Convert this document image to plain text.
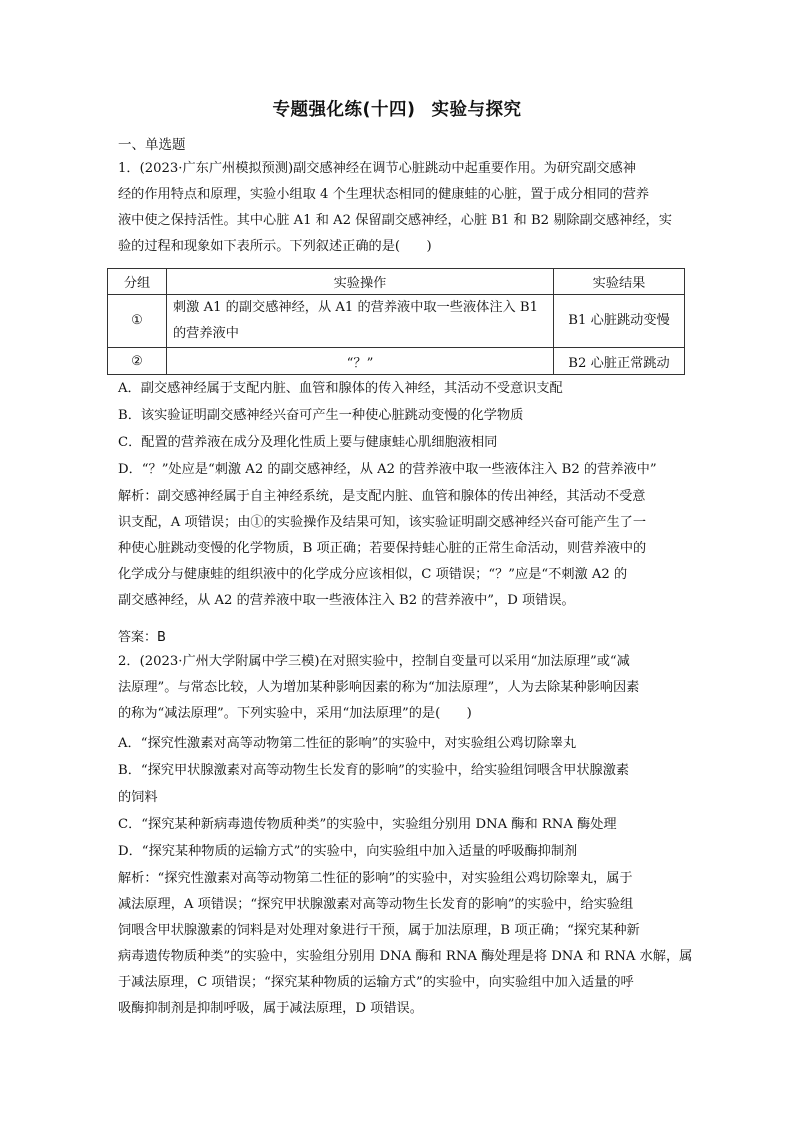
专题强化练(十四) 实验与探究
一、单选题
1．(2023·广东广州模拟预测)副交感神经在调节心脏跳动中起重要作用。为研究副交感神
经的作用特点和原理，实验小组取 4 个生理状态相同的健康蛙的心脏，置于成分相同的营养
液中使之保持活性。其中心脏 A1 和 A2 保留副交感神经，心脏 B1 和 B2 剔除副交感神经，实
验的过程和现象如下表所示。下列叙述正确的是(　　)
分组	实验操作	实验结果
①	刺激 A1 的副交感神经，从 A1 的营养液中取一些液体注入 B1
的营养液中	B1 心脏跳动变慢
②	“？”	B2 心脏正常跳动
A．副交感神经属于支配内脏、血管和腺体的传入神经，其活动不受意识支配
B．该实验证明副交感神经兴奋可产生一种使心脏跳动变慢的化学物质
C．配置的营养液在成分及理化性质上要与健康蛙心肌细胞液相同
D．“？”处应是“刺激 A2 的副交感神经，从 A2 的营养液中取一些液体注入 B2 的营养液中”
解析：副交感神经属于自主神经系统，是支配内脏、血管和腺体的传出神经，其活动不受意
识支配，A 项错误；由①的实验操作及结果可知，该实验证明副交感神经兴奋可能产生了一
种使心脏跳动变慢的化学物质，B 项正确；若要保持蛙心脏的正常生命活动，则营养液中的
化学成分与健康蛙的组织液中的化学成分应该相似，C 项错误；“？”应是“不刺激 A2 的
副交感神经，从 A2 的营养液中取一些液体注入 B2 的营养液中”，D 项错误。
答案：B
2．(2023·广州大学附属中学三模)在对照实验中，控制自变量可以采用“加法原理”或“减
法原理”。与常态比较，人为增加某种影响因素的称为“加法原理”，人为去除某种影响因素
的称为“减法原理”。下列实验中，采用“加法原理”的是(　　)
A．“探究性激素对高等动物第二性征的影响”的实验中，对实验组公鸡切除睾丸
B．“探究甲状腺激素对高等动物生长发育的影响”的实验中，给实验组饲喂含甲状腺激素
的饲料
C．“探究某种新病毒遗传物质种类”的实验中，实验组分别用 DNA 酶和 RNA 酶处理
D．“探究某种物质的运输方式”的实验中，向实验组中加入适量的呼吸酶抑制剂
解析：“探究性激素对高等动物第二性征的影响”的实验中，对实验组公鸡切除睾丸，属于
减法原理，A 项错误；“探究甲状腺激素对高等动物生长发育的影响”的实验中，给实验组
饲喂含甲状腺激素的饲料是对处理对象进行干预，属于加法原理，B 项正确；“探究某种新
病毒遗传物质种类”的实验中，实验组分别用 DNA 酶和 RNA 酶处理是将 DNA 和 RNA 水解，属
于减法原理，C 项错误；“探究某种物质的运输方式”的实验中，向实验组中加入适量的呼
吸酶抑制剂是抑制呼吸，属于减法原理，D 项错误。
